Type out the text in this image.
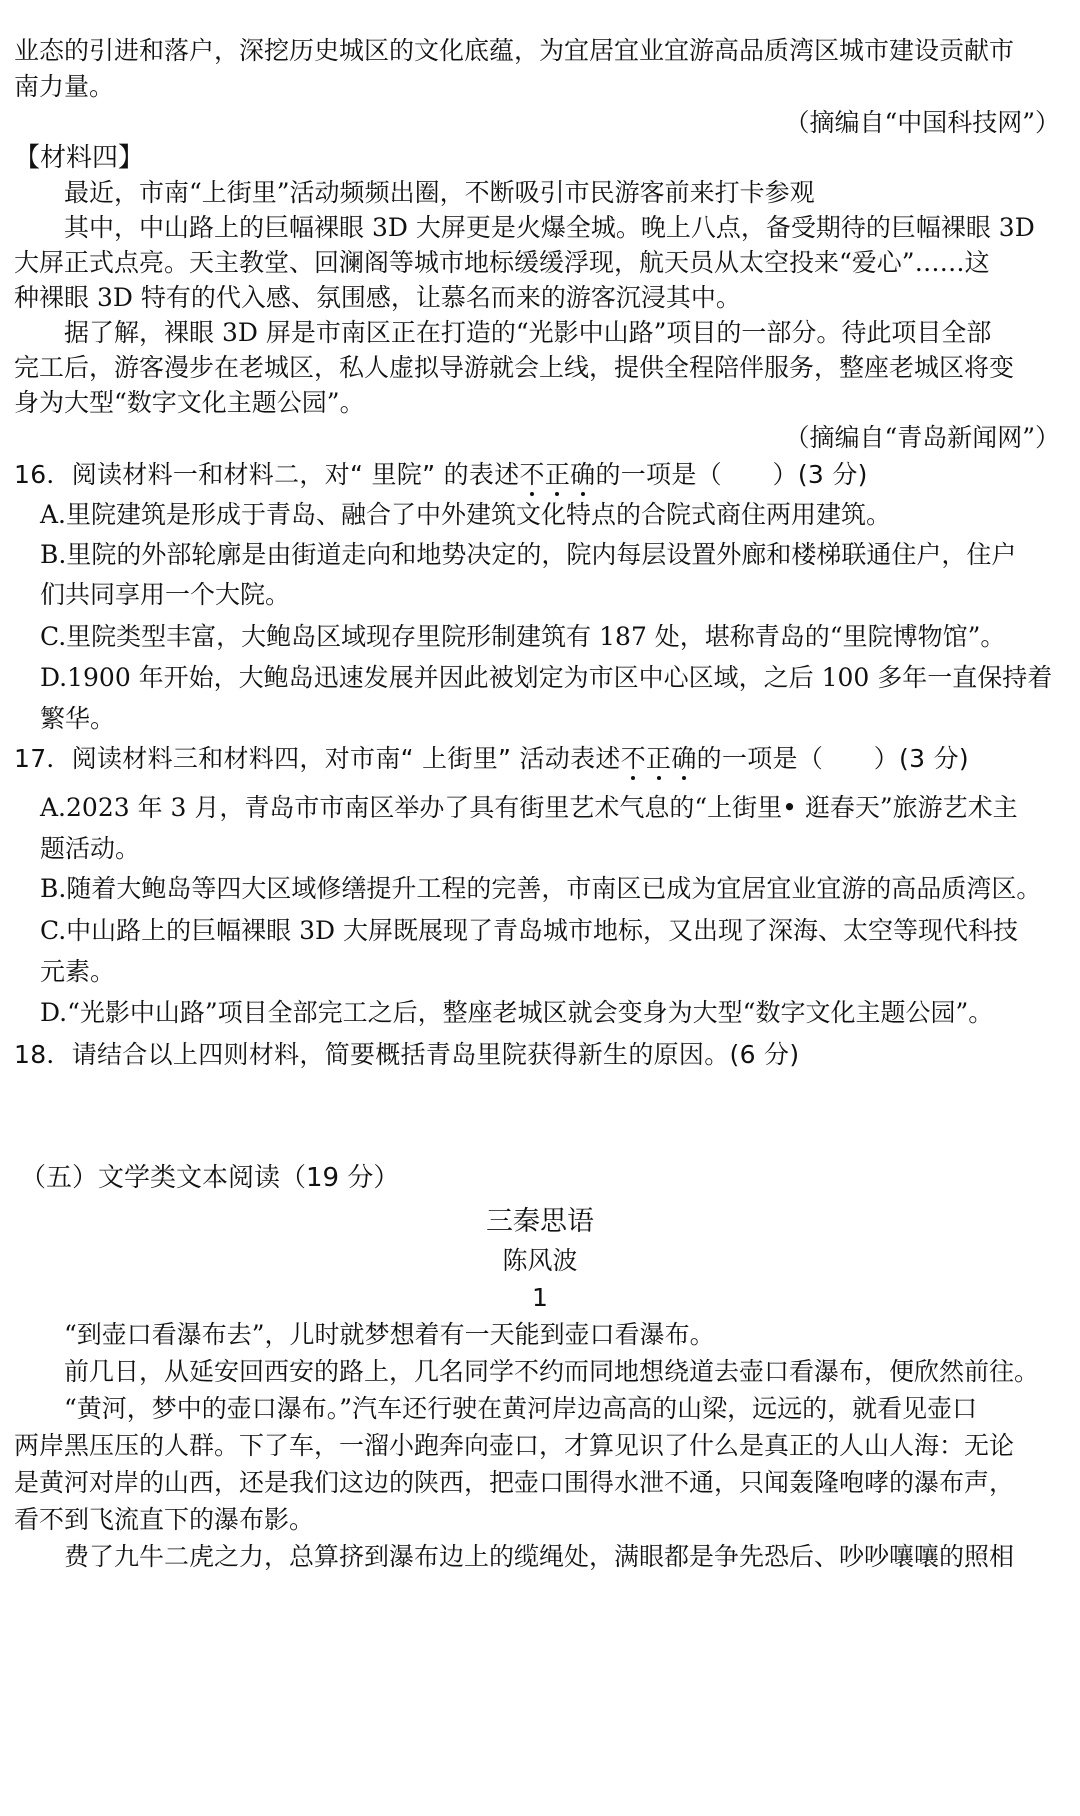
业态的引进和落户，深挖历史城区的文化底蕴，为宜居宜业宜游高品质湾区城市建设贡献市
南力量。
（摘编自“中国科技网”）
【材料四】
最近，市南“上街里”活动频频出圈，不断吸引市民游客前来打卡参观
其中，中山路上的巨幅裸眼 3D 大屏更是火爆全城。晚上八点，备受期待的巨幅裸眼 3D
大屏正式点亮。天主教堂、回澜阁等城市地标缓缓浮现，航天员从太空投来“爱心”……这
种裸眼 3D 特有的代入感、氛围感，让慕名而来的游客沉浸其中。
据了解，裸眼 3D 屏是市南区正在打造的“光影中山路”项目的一部分。待此项目全部
完工后，游客漫步在老城区，私人虚拟导游就会上线，提供全程陪伴服务，整座老城区将变
身为大型“数字文化主题公园”。
（摘编自“青岛新闻网”）
16．阅读材料一和材料二，对“ 里院” 的表述不正确的一项是（　　）(3 分)
A.里院建筑是形成于青岛、融合了中外建筑文化特点的合院式商住两用建筑。
B.里院的外部轮廓是由街道走向和地势决定的，院内每层设置外廊和楼梯联通住户，住户
们共同享用一个大院。
C.里院类型丰富，大鲍岛区域现存里院形制建筑有 187 处，堪称青岛的“里院博物馆”。
D.1900 年开始，大鲍岛迅速发展并因此被划定为市区中心区域，之后 100 多年一直保持着
繁华。
17．阅读材料三和材料四，对市南“ 上街里” 活动表述不正确的一项是（　　）(3 分)
A.2023 年 3 月，青岛市市南区举办了具有街里艺术气息的“上街里• 逛春天”旅游艺术主
题活动。
B.随着大鲍岛等四大区域修缮提升工程的完善，市南区已成为宜居宜业宜游的高品质湾区。
C.中山路上的巨幅裸眼 3D 大屏既展现了青岛城市地标，又出现了深海、太空等现代科技
元素。
D.“光影中山路”项目全部完工之后，整座老城区就会变身为大型“数字文化主题公园”。
18．请结合以上四则材料，简要概括青岛里院获得新生的原因。(6 分)
（五）文学类文本阅读（19 分）
三秦思语
陈风波
1
“到壶口看瀑布去”，儿时就梦想着有一天能到壶口看瀑布。
前几日，从延安回西安的路上，几名同学不约而同地想绕道去壶口看瀑布，便欣然前往。
“黄河，梦中的壶口瀑布。”汽车还行驶在黄河岸边高高的山梁，远远的，就看见壶口
两岸黑压压的人群。下了车，一溜小跑奔向壶口，才算见识了什么是真正的人山人海：无论
是黄河对岸的山西，还是我们这边的陕西，把壶口围得水泄不通，只闻轰隆咆哮的瀑布声，
看不到飞流直下的瀑布影。
费了九牛二虎之力，总算挤到瀑布边上的缆绳处，满眼都是争先恐后、吵吵嚷嚷的照相
